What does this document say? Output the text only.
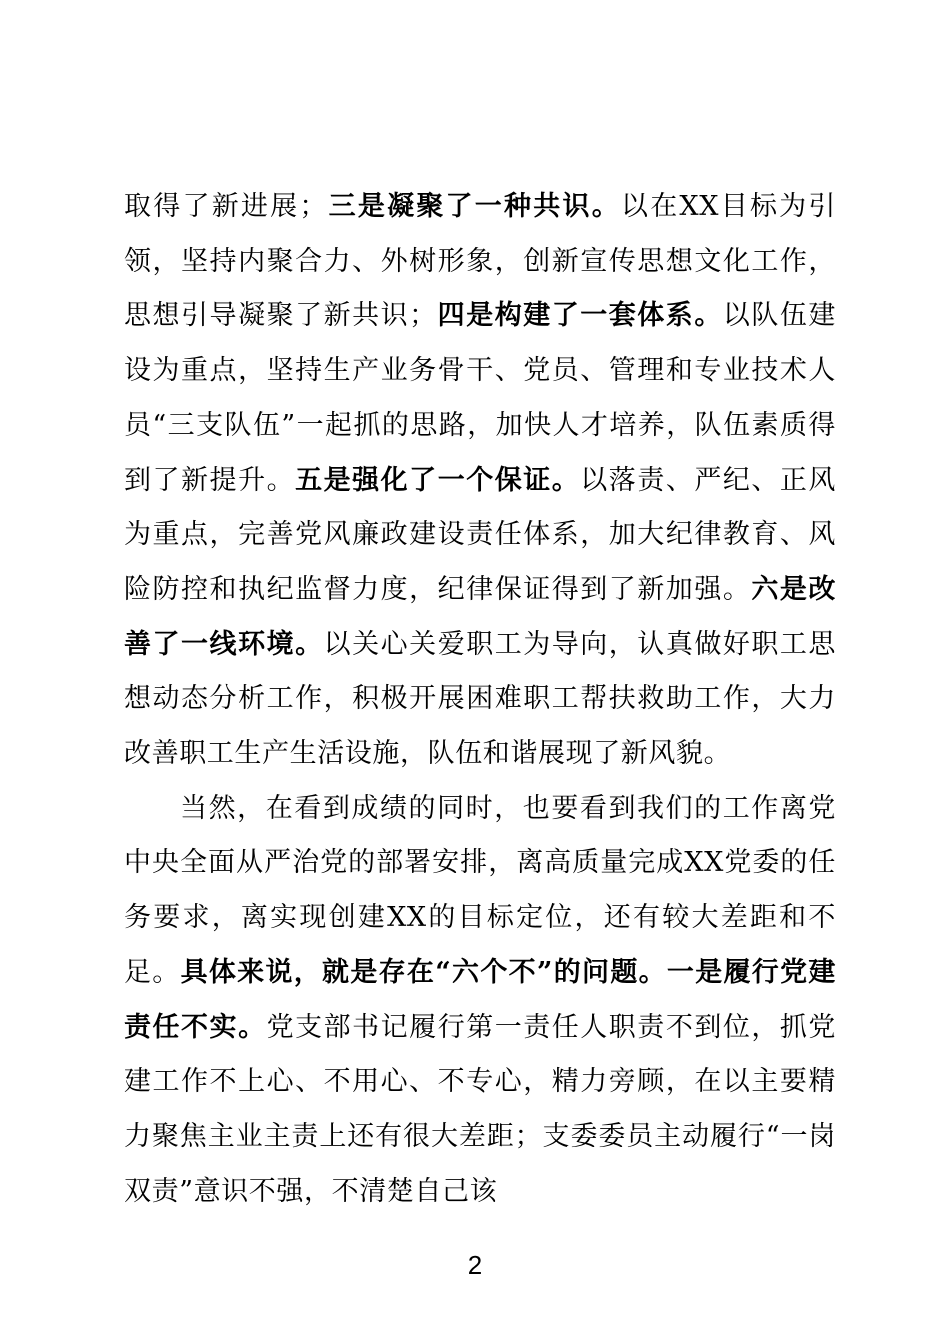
取得了新进展；三是凝聚了一种共识。以在XX目标为引领，坚持内聚合力、外树形象，创新宣传思想文化工作，思想引导凝聚了新共识；四是构建了一套体系。以队伍建设为重点，坚持生产业务骨干、党员、管理和专业技术人员“三支队伍”一起抓的思路，加快人才培养，队伍素质得到了新提升。五是强化了一个保证。以落责、严纪、正风为重点，完善党风廉政建设责任体系，加大纪律教育、风险防控和执纪监督力度，纪律保证得到了新加强。六是改善了一线环境。以关心关爱职工为导向，认真做好职工思想动态分析工作，积极开展困难职工帮扶救助工作，大力改善职工生产生活设施，队伍和谐展现了新风貌。

当然，在看到成绩的同时，也要看到我们的工作离党中央全面从严治党的部署安排，离高质量完成XX党委的任务要求，离实现创建XX的目标定位，还有较大差距和不足。具体来说，就是存在“六个不”的问题。一是履行党建责任不实。党支部书记履行第一责任人职责不到位，抓党建工作不上心、不用心、不专心，精力旁顾，在以主要精力聚焦主业主责上还有很大差距；支委委员主动履行“一岗双责”意识不强，不清楚自己该

2
